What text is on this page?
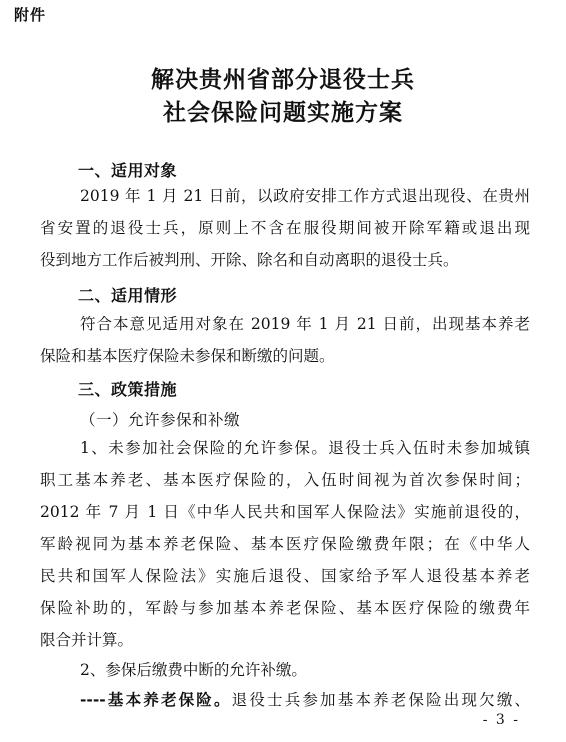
附件
解决贵州省部分退役士兵
社会保险问题实施方案
一、适用对象
2019 年 1 月 21 日前，以政府安排工作方式退出现役、在贵州
省安置的退役士兵，原则上不含在服役期间被开除军籍或退出现
役到地方工作后被判刑、开除、除名和自动离职的退役士兵。
二、适用情形
符合本意见适用对象在 2019 年 1 月 21 日前，出现基本养老
保险和基本医疗保险未参保和断缴的问题。
三、政策措施
（一）允许参保和补缴
1、未参加社会保险的允许参保。退役士兵入伍时未参加城镇
职工基本养老、基本医疗保险的，入伍时间视为首次参保时间；
2012 年 7 月 1 日《中华人民共和国军人保险法》实施前退役的，
军龄视同为基本养老保险、基本医疗保险缴费年限；在《中华人
民共和国军人保险法》实施后退役、国家给予军人退役基本养老
保险补助的，军龄与参加基本养老保险、基本医疗保险的缴费年
限合并计算。
2、参保后缴费中断的允许补缴。
----基本养老保险。退役士兵参加基本养老保险出现欠缴、
- 3 -
